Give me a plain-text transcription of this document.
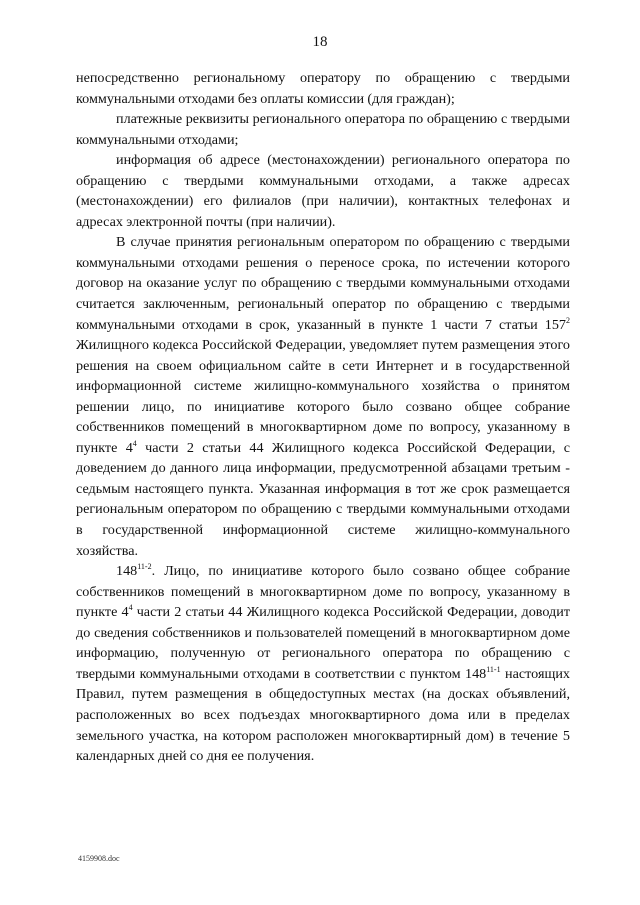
18

непосредственно региональному оператору по обращению с твердыми коммунальными отходами без оплаты комиссии (для граждан);

платежные реквизиты регионального оператора по обращению с твердыми коммунальными отходами;

информация об адресе (местонахождении) регионального оператора по обращению с твердыми коммунальными отходами, а также адресах (местонахождении) его филиалов (при наличии), контактных телефонах и адресах электронной почты (при наличии).

В случае принятия региональным оператором по обращению с твердыми коммунальными отходами решения о переносе срока, по истечении которого договор на оказание услуг по обращению с твердыми коммунальными отходами считается заключенным, региональный оператор по обращению с твердыми коммунальными отходами в срок, указанный в пункте 1 части 7 статьи $157^2$ Жилищного кодекса Российской Федерации, уведомляет путем размещения этого решения на своем официальном сайте в сети Интернет и в государственной информационной системе жилищно-коммунального хозяйства о принятом решении лицо, по инициативе которого было созвано общее собрание собственников помещений в многоквартирном доме по вопросу, указанному в пункте $4^4$ части 2 статьи 44 Жилищного кодекса Российской Федерации, с доведением до данного лица информации, предусмотренной абзацами третьим - седьмым настоящего пункта. Указанная информация в тот же срок размещается региональным оператором по обращению с твердыми коммунальными отходами в государственной информационной системе жилищно-коммунального хозяйства.

148$^{11-2}$. Лицо, по инициативе которого было созвано общее собрание собственников помещений в многоквартирном доме по вопросу, указанному в пункте $4^4$ части 2 статьи 44 Жилищного кодекса Российской Федерации, доводит до сведения собственников и пользователей помещений в многоквартирном доме информацию, полученную от регионального оператора по обращению с твердыми коммунальными отходами в соответствии с пунктом 148$^{11-1}$ настоящих Правил, путем размещения в общедоступных местах (на досках объявлений, расположенных во всех подъездах многоквартирного дома или в пределах земельного участка, на котором расположен многоквартирный дом) в течение 5 календарных дней со дня ее получения.

4159908.doc
